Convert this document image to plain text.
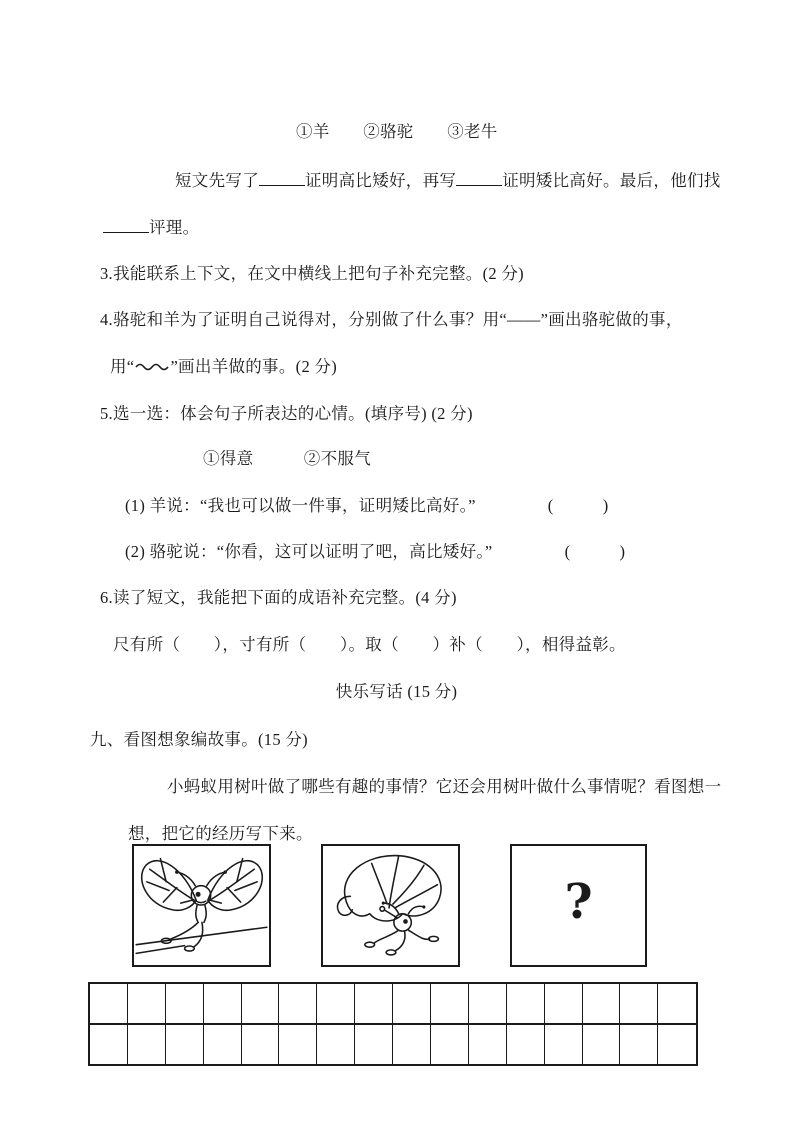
①羊　　②骆驼　　③老牛

短文先写了	证明高比矮好，再写	证明矮比高好。最后，他们找

评理。

3.我能联系上下文，在文中横线上把句子补充完整。(2 分)

4.骆驼和羊为了证明自己说得对，分别做了什么事？用“——”画出骆驼做的事，

用“ ”画出羊做的事。(2 分)

5.选一选：体会句子所表达的心情。(填序号) (2 分)

①得意　　　②不服气

(1) 羊说：“我也可以做一件事，证明矮比高好。”	(　　　)

(2) 骆驼说：“你看，这可以证明了吧，高比矮好。”	(　　　)

6.读了短文，我能把下面的成语补充完整。(4 分)

尺有所（　　），寸有所（　　）。取（　　）补（　　），相得益彰。

快乐写话 (15 分)

九、看图想象编故事。(15 分)

小蚂蚁用树叶做了哪些有趣的事情？它还会用树叶做什么事情呢？看图想一

想，把它的经历写下来。

?
